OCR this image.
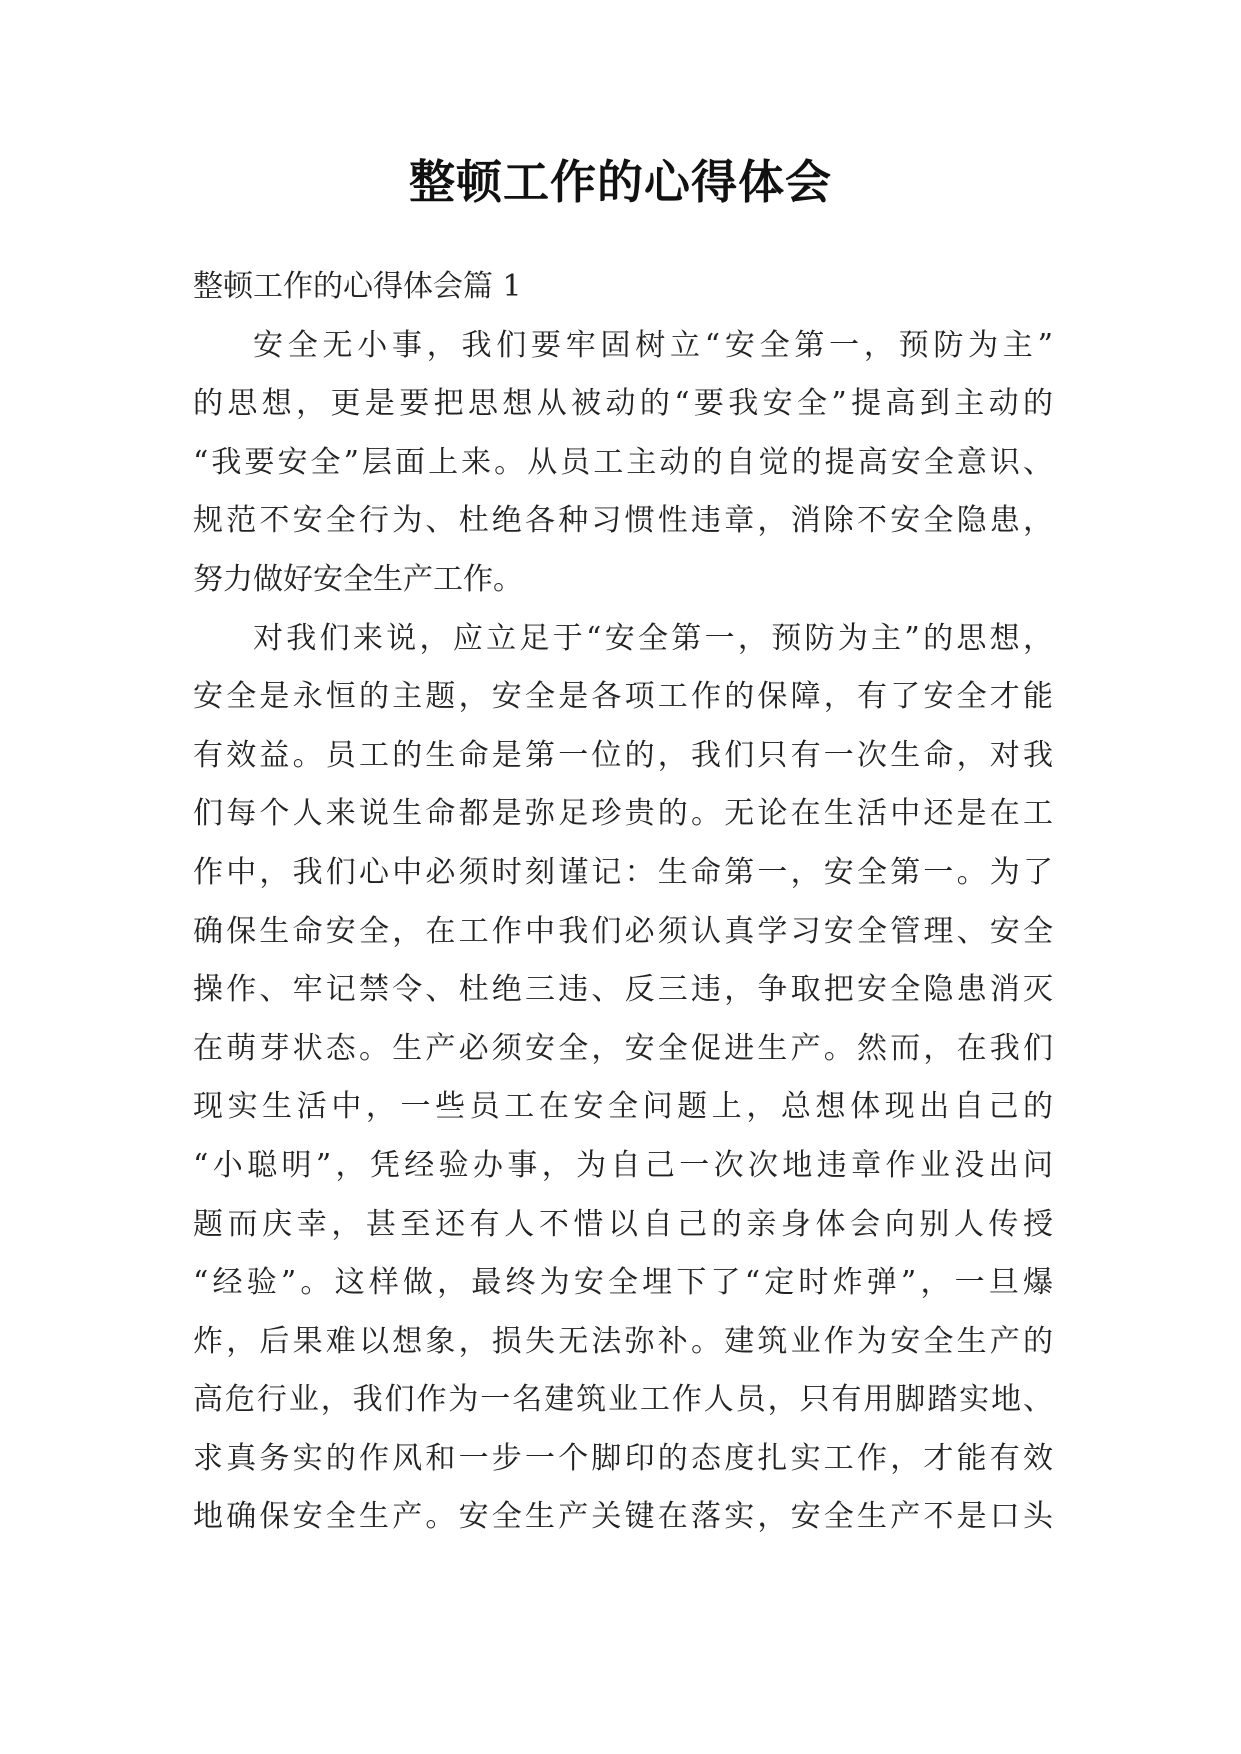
整顿工作的心得体会
整顿工作的心得体会篇 1
安全无小事，我们要牢固树立“安全第一，预防为主”
的思想，更是要把思想从被动的“要我安全”提高到主动的
“我要安全”层面上来。从员工主动的自觉的提高安全意识、
规范不安全行为、杜绝各种习惯性违章，消除不安全隐患，
努力做好安全生产工作。
对我们来说，应立足于“安全第一，预防为主”的思想，
安全是永恒的主题，安全是各项工作的保障，有了安全才能
有效益。员工的生命是第一位的，我们只有一次生命，对我
们每个人来说生命都是弥足珍贵的。无论在生活中还是在工
作中，我们心中必须时刻谨记：生命第一，安全第一。为了
确保生命安全，在工作中我们必须认真学习安全管理、安全
操作、牢记禁令、杜绝三违、反三违，争取把安全隐患消灭
在萌芽状态。生产必须安全，安全促进生产。然而，在我们
现实生活中，一些员工在安全问题上，总想体现出自己的
“小聪明”，凭经验办事，为自己一次次地违章作业没出问
题而庆幸，甚至还有人不惜以自己的亲身体会向别人传授
“经验”。这样做，最终为安全埋下了“定时炸弹”，一旦爆
炸，后果难以想象，损失无法弥补。建筑业作为安全生产的
高危行业，我们作为一名建筑业工作人员，只有用脚踏实地、
求真务实的作风和一步一个脚印的态度扎实工作，才能有效
地确保安全生产。安全生产关键在落实，安全生产不是口头
